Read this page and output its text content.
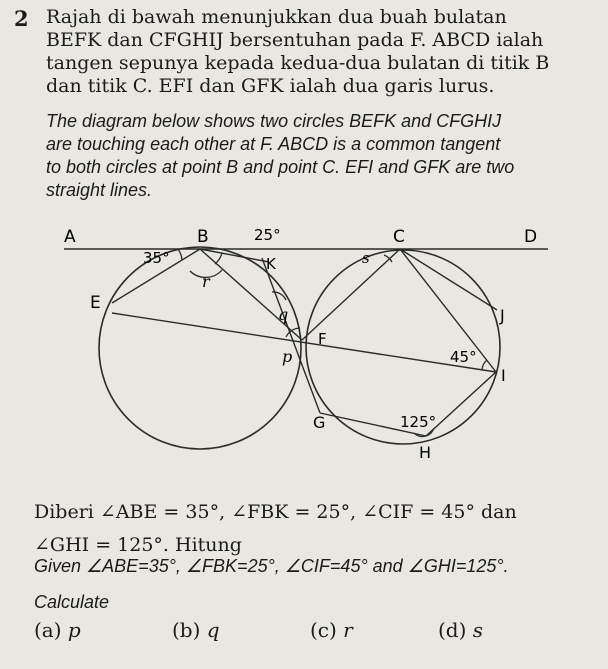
2 Rajah di bawah menunjukkan dua buah bulatan
BEFK dan CFGHIJ bersentuhan pada F. ABCD ialah
tangen sepunya kepada kedua-dua bulatan di titik B
dan titik C. EFI dan GFK ialah dua garis lurus.
The diagram below shows two circles BEFK and CFGHIJ
are touching each other at F. ABCD is a common tangent
to both circles at point B and point C. EFI and GFK are two
straight lines.
A	B	C	D
E
F
G
H
I
J
K
35°
25°
45°
125°
p
q
r
s
Diberi ∠ABE = 35°, ∠FBK = 25°, ∠CIF = 45° dan
∠GHI = 125°. Hitung
Given ∠ABE=35°, ∠FBK=25°, ∠CIF=45° and ∠GHI=125°.
Calculate
(a) p	(b) q	(c) r	(d) s
